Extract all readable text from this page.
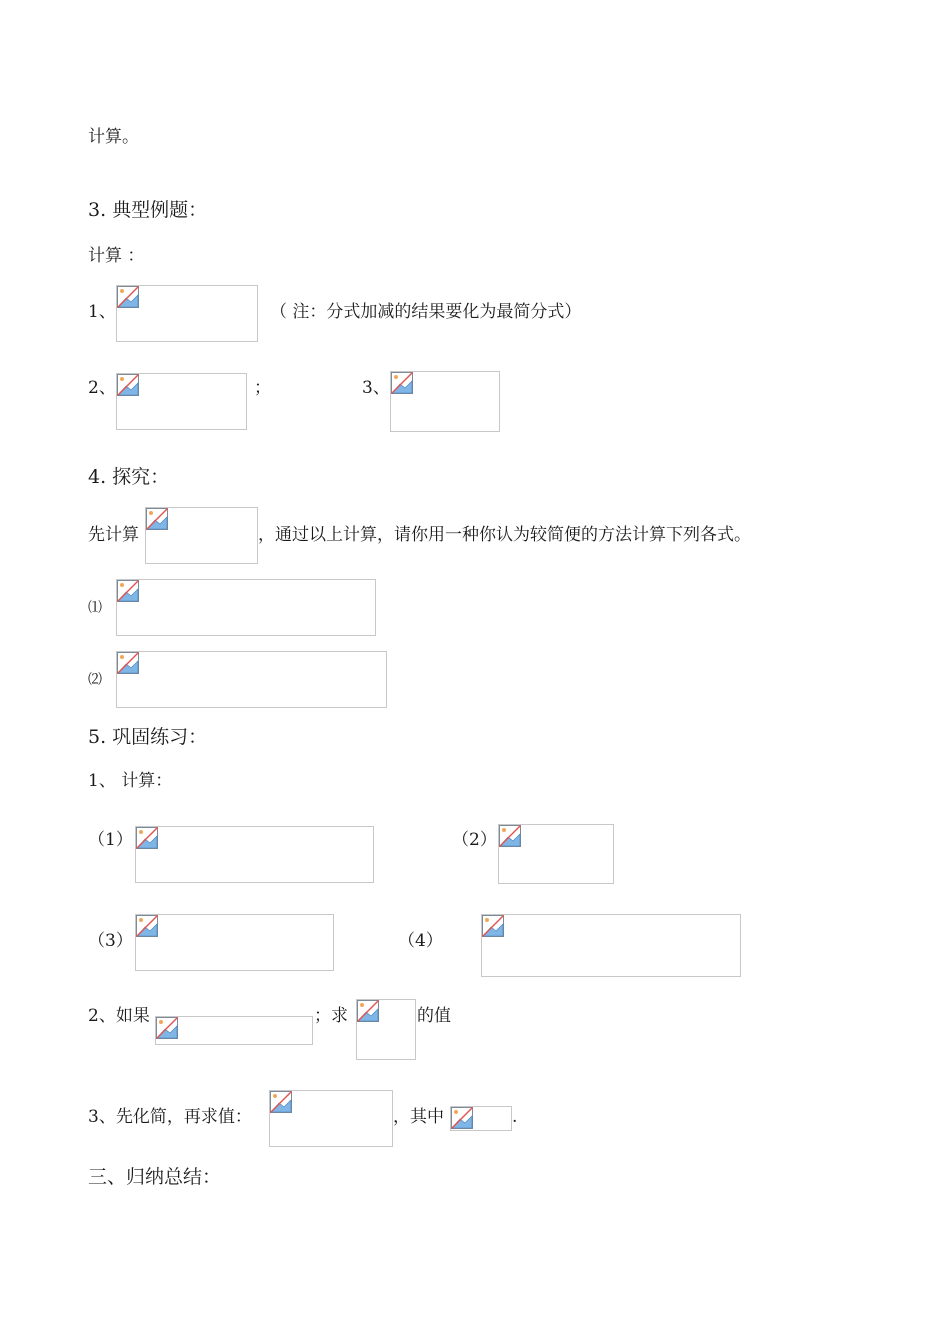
计算。
3. 典型例题：
计算 ：
1、	（ 注：分式加减的结果要化为最简分式）
2、	；	3、
4. 探究：
先计算	，通过以上计算，请你用一种你认为较简便的方法计算下列各式。
⑴
⑵
5. 巩固练习：
1、 计算：
（1）	（2）
（3）	（4）
2、如果	；求	的值
3、先化简，再求值：	，其中	.
三、归纳总结：
